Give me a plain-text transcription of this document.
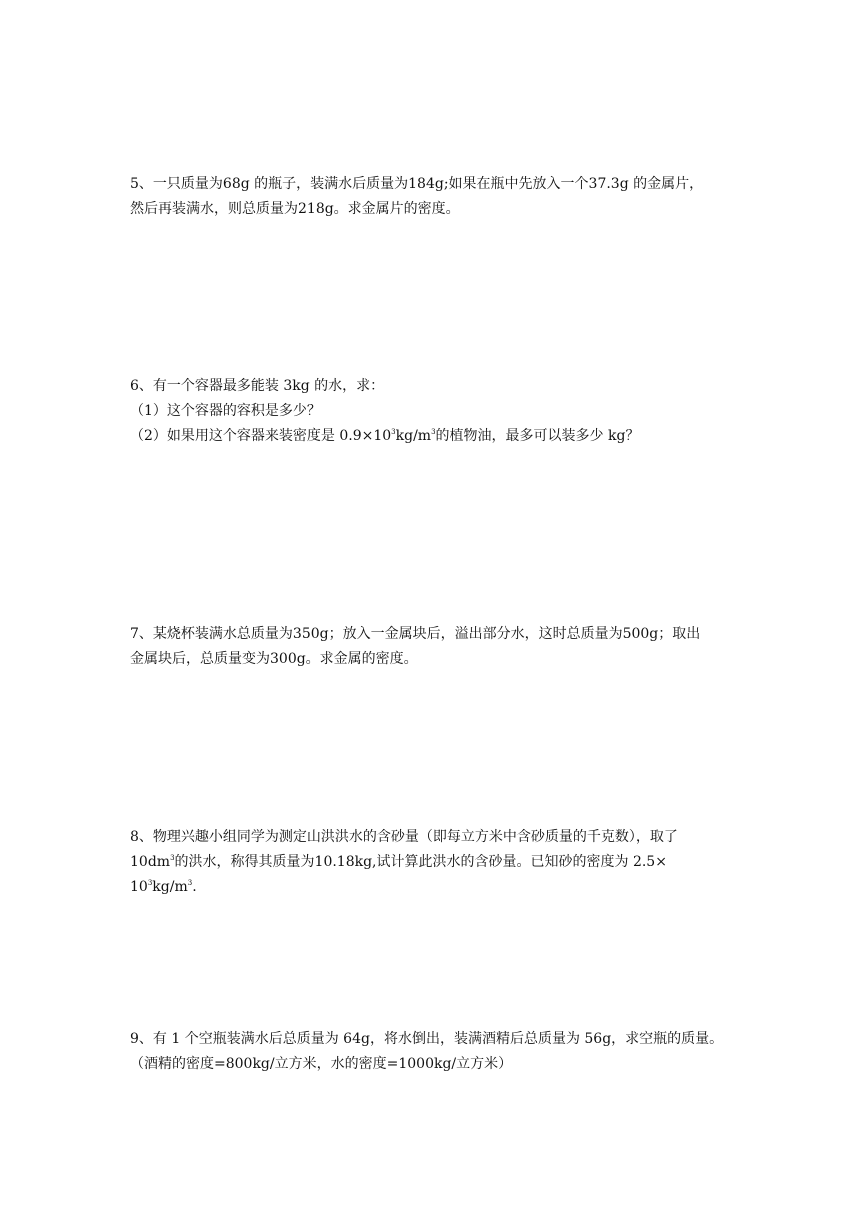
5、一只质量为68g 的瓶子，装满水后质量为184g;如果在瓶中先放入一个37.3g 的金属片，
然后再装满水，则总质量为218g。求金属片的密度。
6、有一个容器最多能装 3kg 的水，求：
（1）这个容器的容积是多少？
（2）如果用这个容器来装密度是 $0.9\times 10^3kg/m^3$的植物油，最多可以装多少 kg？
7、某烧杯装满水总质量为350g；放入一金属块后，溢出部分水，这时总质量为500g；取出
金属块后，总质量变为300g。求金属的密度。
8、物理兴趣小组同学为测定山洪洪水的含砂量（即每立方米中含砂质量的千克数），取了
$10dm^3$的洪水，称得其质量为10.18kg,试计算此洪水的含砂量。已知砂的密度为 2.5×
$10^3kg/m^3$.
9、有 1 个空瓶装满水后总质量为 64g，将水倒出，装满酒精后总质量为 56g，求空瓶的质量。
（酒精的密度=800kg/立方米，水的密度=1000kg/立方米）
